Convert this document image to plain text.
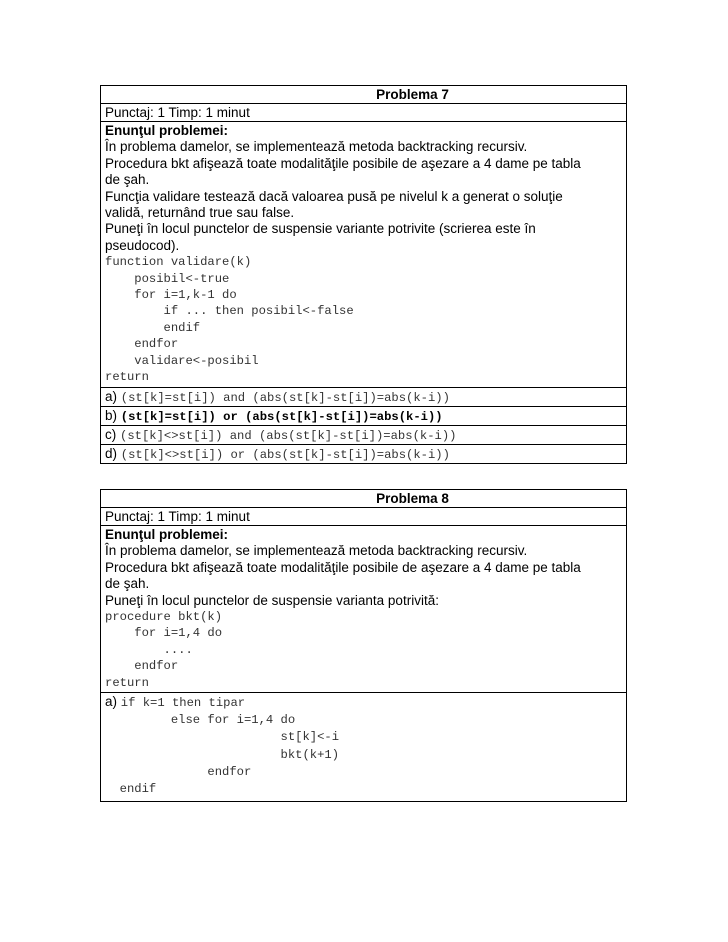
Problema 7
Punctaj: 1 Timp: 1 minut
Enunţul problemei:

În problema damelor, se implementează metoda backtracking recursiv.

Procedura bkt afişează toate modalităţile posibile de aşezare a 4 dame pe tabla

de şah.

Funcţia validare testează dacă valoarea pusă pe nivelul k a generat o soluţie

validă, returnând true sau false.

Puneţi în locul punctelor de suspensie variante potrivite (scrierea este în

pseudocod).

function validare(k)
posibil<-true
for i=1,k-1 do
if ... then posibil<-false
endif
endfor
validare<-posibil
return
a) (st[k]=st[i]) and (abs(st[k]-st[i])=abs(k-i))
b) (st[k]=st[i]) or (abs(st[k]-st[i])=abs(k-i))
c) (st[k]<>st[i]) and (abs(st[k]-st[i])=abs(k-i))
d) (st[k]<>st[i]) or (abs(st[k]-st[i])=abs(k-i))
Problema 8
Punctaj: 1 Timp: 1 minut
Enunţul problemei:

În problema damelor, se implementează metoda backtracking recursiv.

Procedura bkt afişează toate modalităţile posibile de aşezare a 4 dame pe tabla

de şah.

Puneţi în locul punctelor de suspensie varianta potrivită:

procedure bkt(k)
for i=1,4 do
....
endfor
return
a) if k=1 then tipar
else for i=1,4 do
st[k]<-i
bkt(k+1)
endfor
endif
